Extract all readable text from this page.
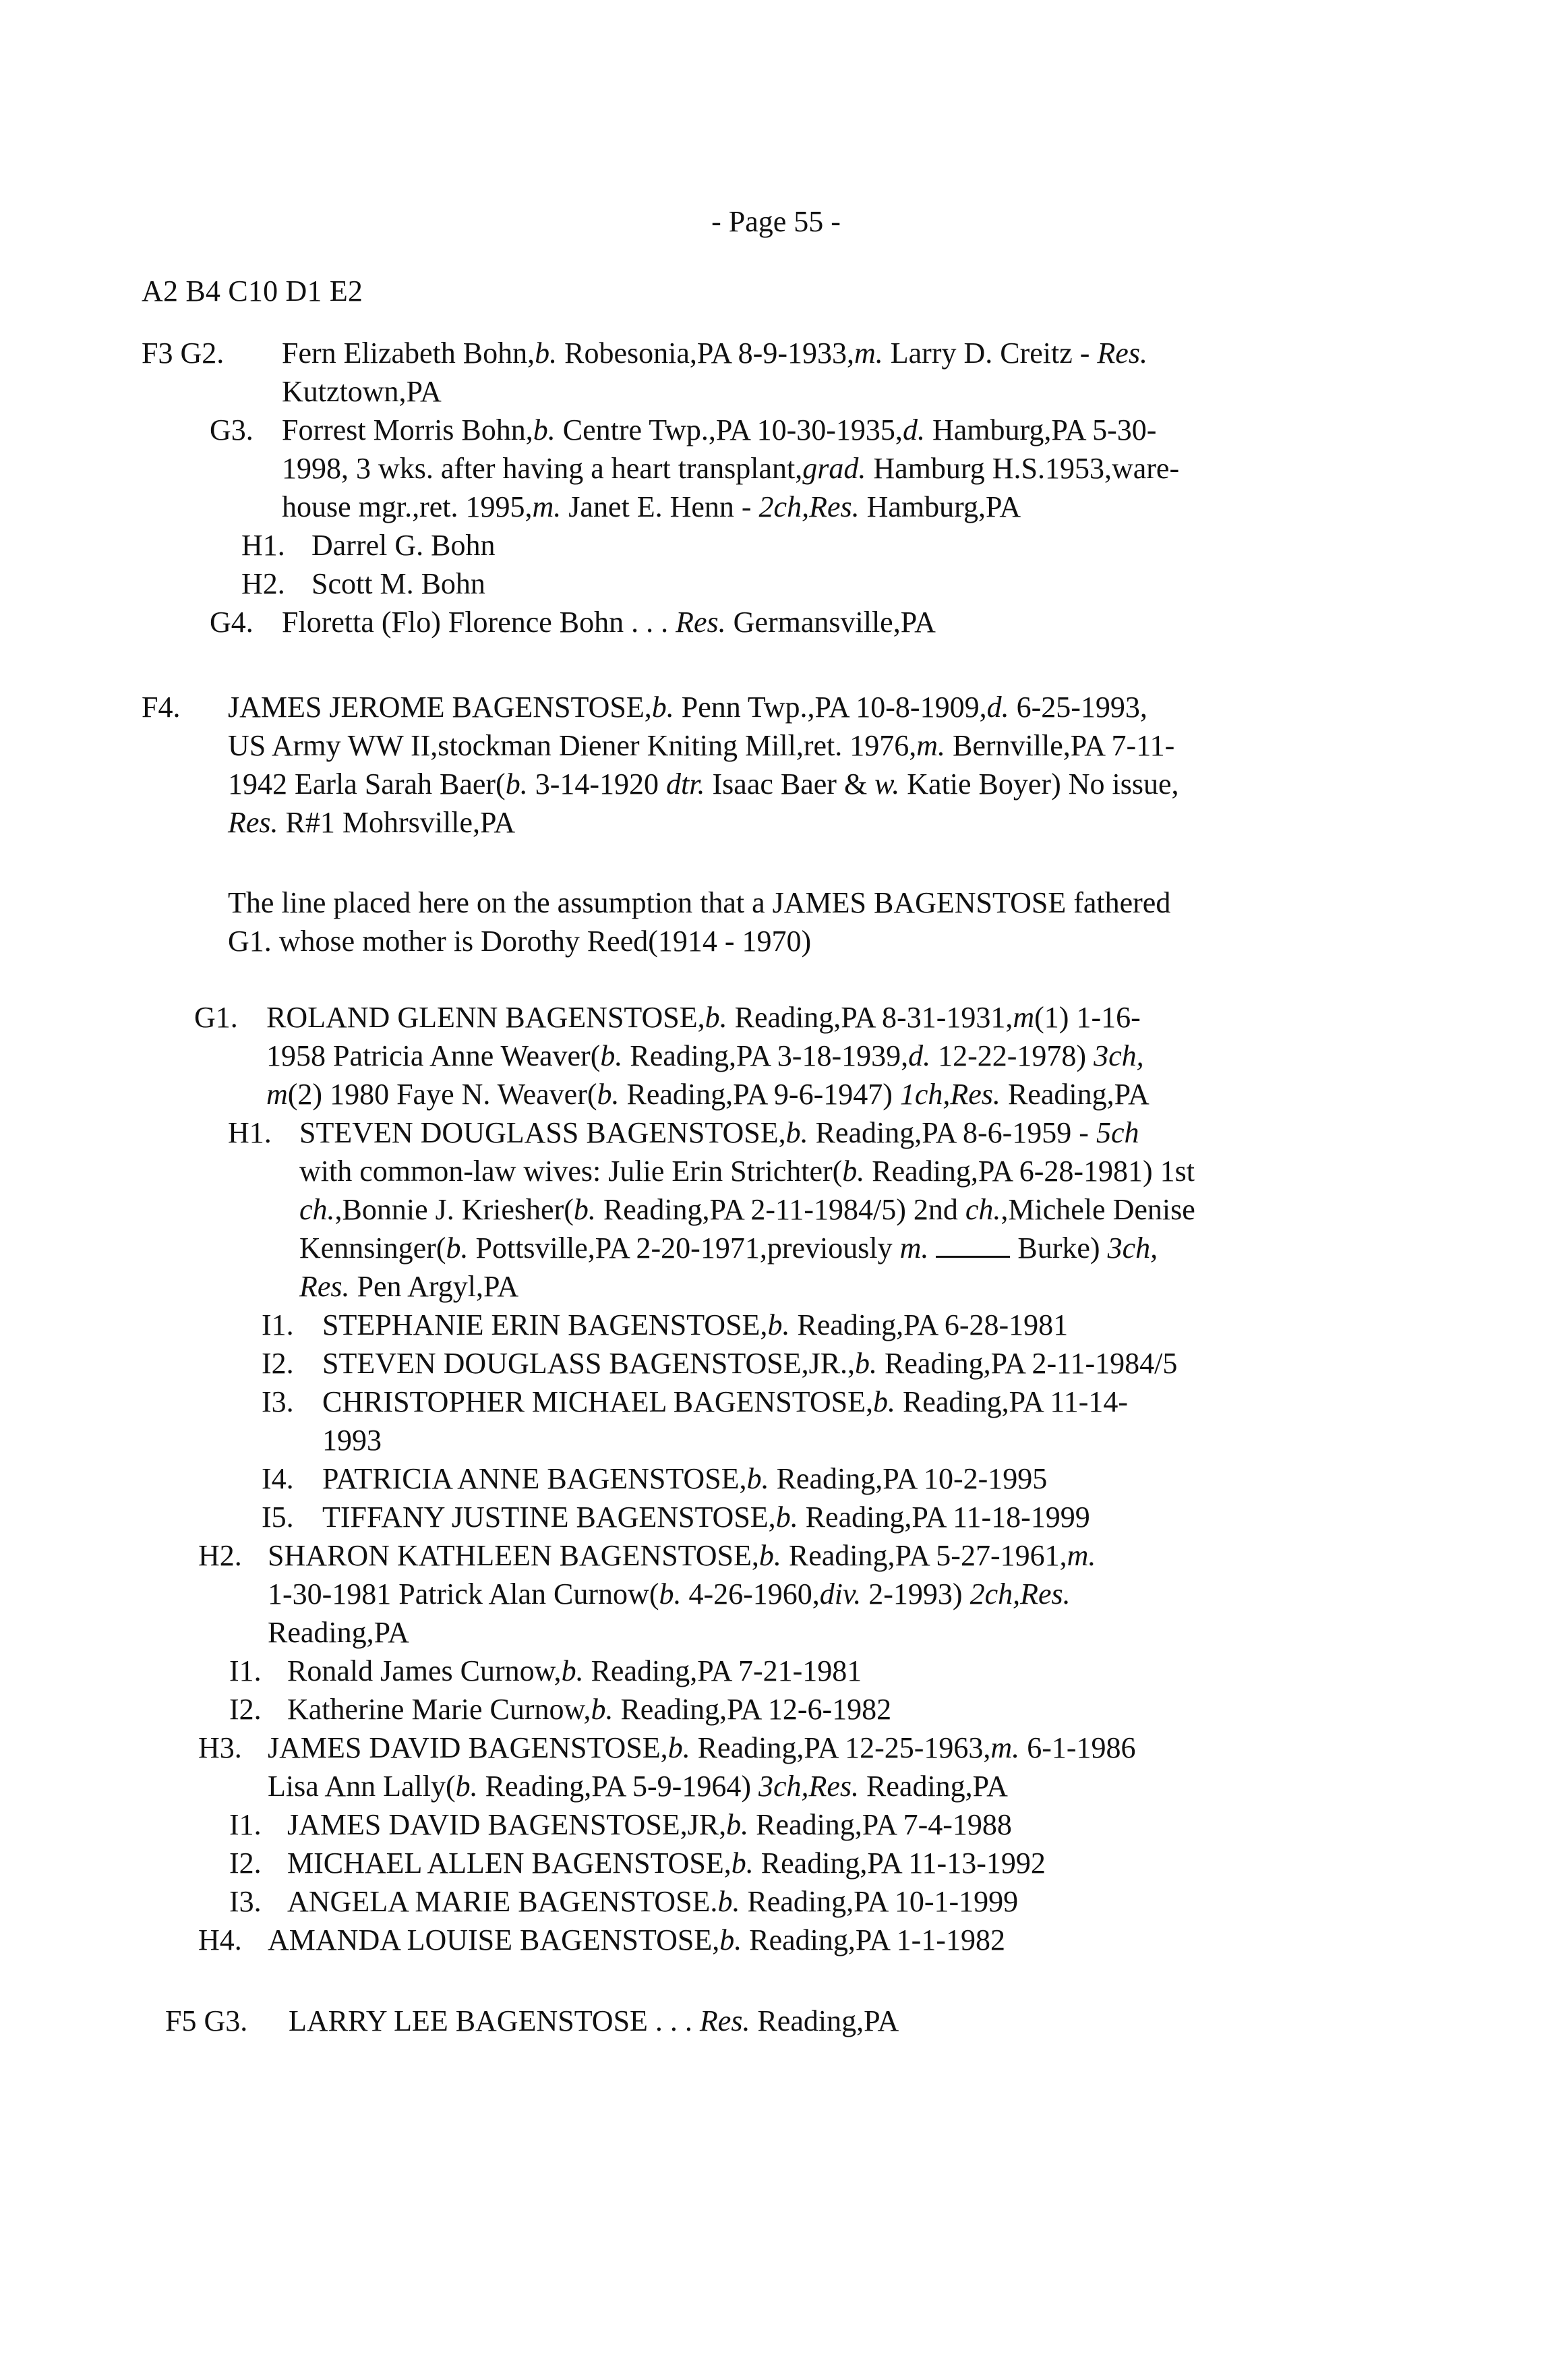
- Page 55 -
A2 B4 C10 D1 E2
F3 G2. Fern Elizabeth Bohn,b. Robesonia,PA 8-9-1933,m. Larry D. Creitz - Res.
Kutztown,PA
G3. Forrest Morris Bohn,b. Centre Twp.,PA 10-30-1935,d. Hamburg,PA 5-30-
1998, 3 wks. after having a heart transplant,grad. Hamburg H.S.1953,ware-
house mgr.,ret. 1995,m. Janet E. Henn - 2ch,Res. Hamburg,PA
H1. Darrel G. Bohn
H2. Scott M. Bohn
G4. Floretta (Flo) Florence Bohn . . . Res. Germansville,PA
F4. JAMES JEROME BAGENSTOSE,b. Penn Twp.,PA 10-8-1909,d. 6-25-1993,
US Army WW II,stockman Diener Kniting Mill,ret. 1976,m. Bernville,PA 7-11-
1942 Earla Sarah Baer(b. 3-14-1920 dtr. Isaac Baer & w. Katie Boyer) No issue,
Res. R#1 Mohrsville,PA
The line placed here on the assumption that a JAMES BAGENSTOSE fathered
G1. whose mother is Dorothy Reed(1914 - 1970)
G1. ROLAND GLENN BAGENSTOSE,b. Reading,PA 8-31-1931,m(1) 1-16-
1958 Patricia Anne Weaver(b. Reading,PA 3-18-1939,d. 12-22-1978) 3ch,
m(2) 1980 Faye N. Weaver(b. Reading,PA 9-6-1947) 1ch,Res. Reading,PA
H1. STEVEN DOUGLASS BAGENSTOSE,b. Reading,PA 8-6-1959 - 5ch
with common-law wives: Julie Erin Strichter(b. Reading,PA 6-28-1981) 1st
ch.,Bonnie J. Kriesher(b. Reading,PA 2-11-1984/5) 2nd ch.,Michele Denise
Kennsinger(b. Pottsville,PA 2-20-1971,previously m.	Burke) 3ch,
Res. Pen Argyl,PA
I1. STEPHANIE ERIN BAGENSTOSE,b. Reading,PA 6-28-1981
I2. STEVEN DOUGLASS BAGENSTOSE,JR.,b. Reading,PA 2-11-1984/5
I3. CHRISTOPHER MICHAEL BAGENSTOSE,b. Reading,PA 11-14-
1993
I4. PATRICIA ANNE BAGENSTOSE,b. Reading,PA 10-2-1995
I5. TIFFANY JUSTINE BAGENSTOSE,b. Reading,PA 11-18-1999
H2. SHARON KATHLEEN BAGENSTOSE,b. Reading,PA 5-27-1961,m.
1-30-1981 Patrick Alan Curnow(b. 4-26-1960,div. 2-1993) 2ch,Res.
Reading,PA
I1. Ronald James Curnow,b. Reading,PA 7-21-1981
I2. Katherine Marie Curnow,b. Reading,PA 12-6-1982
H3. JAMES DAVID BAGENSTOSE,b. Reading,PA 12-25-1963,m. 6-1-1986
Lisa Ann Lally(b. Reading,PA 5-9-1964) 3ch,Res. Reading,PA
I1. JAMES DAVID BAGENSTOSE,JR,b. Reading,PA 7-4-1988
I2. MICHAEL ALLEN BAGENSTOSE,b. Reading,PA 11-13-1992
I3. ANGELA MARIE BAGENSTOSE.b. Reading,PA 10-1-1999
H4. AMANDA LOUISE BAGENSTOSE,b. Reading,PA 1-1-1982
F5 G3. LARRY LEE BAGENSTOSE . . . Res. Reading,PA
